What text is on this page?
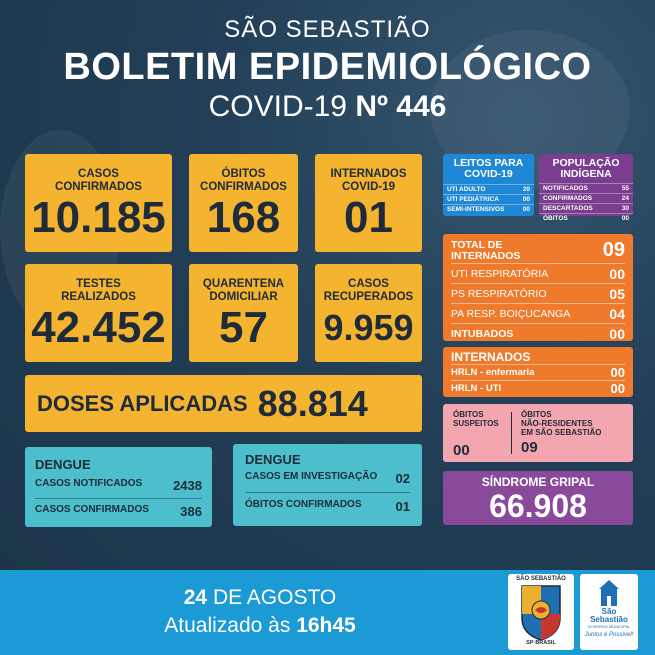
SÃO SEBASTIÃO
BOLETIM EPIDEMIOLÓGICO
COVID-19 Nº 446
CASOS
CONFIRMADOS
10.185
ÓBITOS
CONFIRMADOS
168
INTERNADOS
COVID-19
01
TESTES
REALIZADOS
42.452
QUARENTENA
DOMICILIAR
57
CASOS
RECUPERADOS
9.959
DOSES APLICADAS 88.814
DENGUE
CASOS NOTIFICADOS 2438
CASOS CONFIRMADOS 386
DENGUE
CASOS EM INVESTIGAÇÃO 02
ÓBITOS CONFIRMADOS	01
LEITOS PARA
COVID-19
UTI ADULTO	20
UTI PEDIÁTRICA	00
SEMI-INTENSIVOS	00
POPULAÇÃO
INDÍGENA
NOTIFICADOS	55
CONFIRMADOS	24
DESCARTADOS	30
ÓBITOS	00
TOTAL DE
INTERNADOS	09
UTI RESPIRATÓRIA	00
PS RESPIRATÓRIO	05
PA RESP. BOIÇUCANGA	04
INTUBADOS	00
INTERNADOS
HRLN - enfermaria	00
HRLN - UTI	00
ÓBITOS
SUSPEITOS
00
ÓBITOS
NÃO-RESIDENTES
EM SÃO SEBASTIÃO
09
SÍNDROME GRIPAL
66.908
24 DE AGOSTO
Atualizado às 16h45
SÃO SEBASTIÃO
SP·BRASIL
São
Sebastião
GOVERNO MUNICIPAL
Juntos é Possível!
